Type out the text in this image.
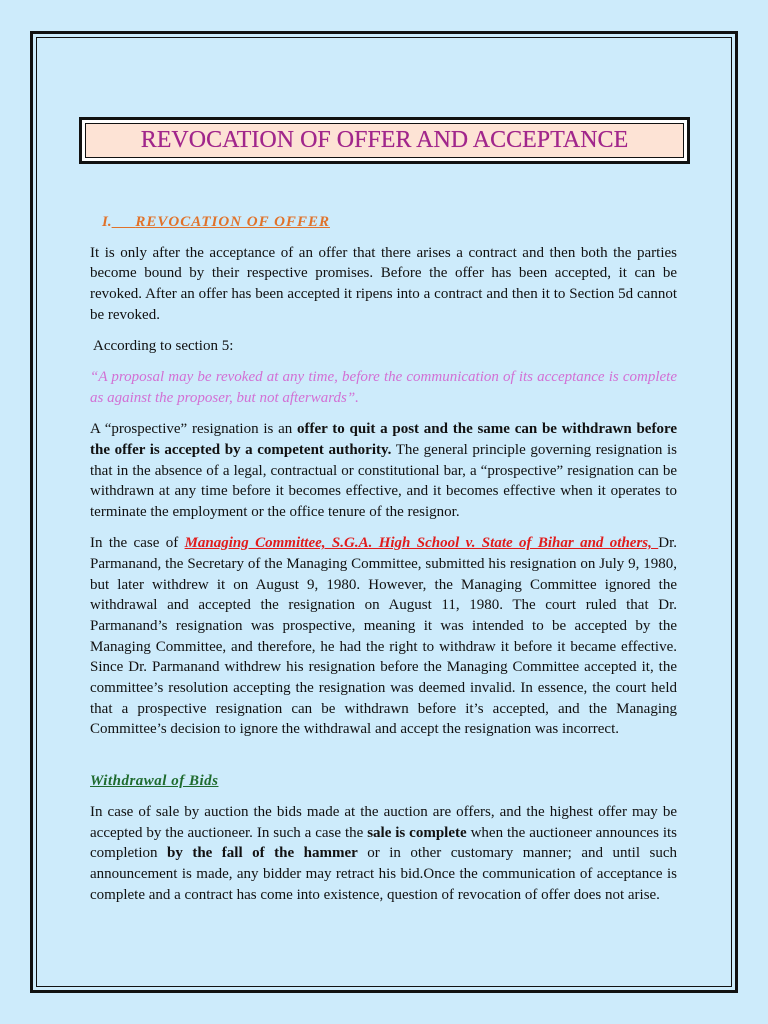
REVOCATION OF OFFER AND ACCEPTANCE
I. REVOCATION OF OFFER

It is only after the acceptance of an offer that there arises a contract and then both the parties become bound by their respective promises. Before the offer has been accepted, it can be revoked. After an offer has been accepted it ripens into a contract and then it to Section 5d cannot be revoked.

According to section 5:

“A proposal may be revoked at any time, before the communication of its acceptance is complete as against the proposer, but not afterwards”.

A “prospective” resignation is an offer to quit a post and the same can be withdrawn before the offer is accepted by a competent authority. The general principle governing resignation is that in the absence of a legal, contractual or constitutional bar, a “prospective” resignation can be withdrawn at any time before it becomes effective, and it becomes effective when it operates to terminate the employment or the office tenure of the resignor.

In the case of Managing Committee, S.G.A. High School v. State of Bihar and others, Dr. Parmanand, the Secretary of the Managing Committee, submitted his resignation on July 9, 1980, but later withdrew it on August 9, 1980. However, the Managing Committee ignored the withdrawal and accepted the resignation on August 11, 1980. The court ruled that Dr. Parmanand’s resignation was prospective, meaning it was intended to be accepted by the Managing Committee, and therefore, he had the right to withdraw it before it became effective. Since Dr. Parmanand withdrew his resignation before the Managing Committee accepted it, the committee’s resolution accepting the resignation was deemed invalid. In essence, the court held that a prospective resignation can be withdrawn before it’s accepted, and the Managing Committee’s decision to ignore the withdrawal and accept the resignation was incorrect.

Withdrawal of Bids

In case of sale by auction the bids made at the auction are offers, and the highest offer may be accepted by the auctioneer. In such a case the sale is complete when the auctioneer announces its completion by the fall of the hammer or in other customary manner; and until such announcement is made, any bidder may retract his bid.Once the communication of acceptance is complete and a contract has come into existence, question of revocation of offer does not arise.
